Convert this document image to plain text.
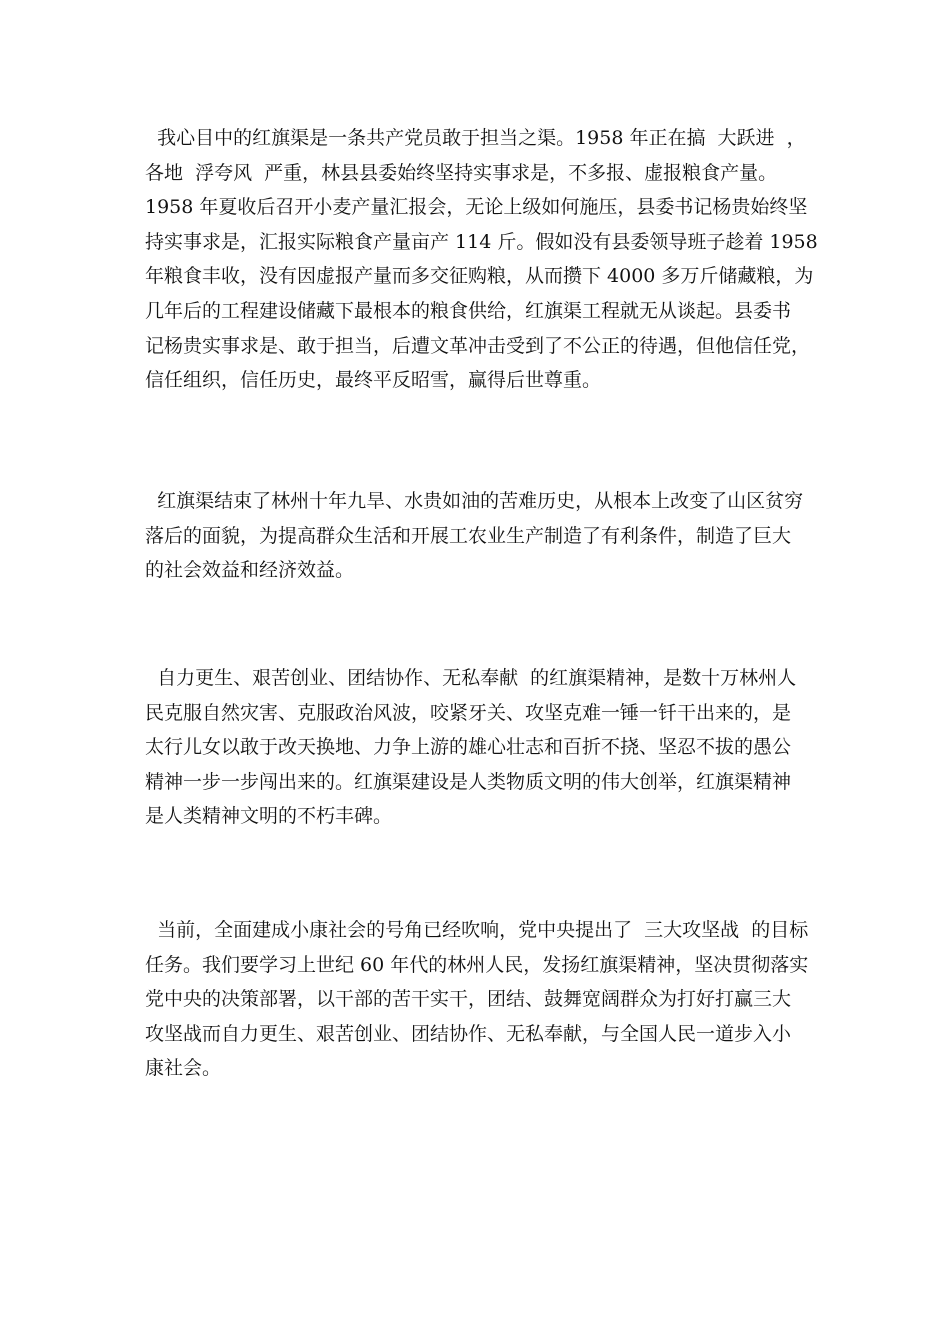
我心目中的红旗渠是一条共产党员敢于担当之渠。1958 年正在搞  大跃进  ，
各地  浮夸风  严重，林县县委始终坚持实事求是，不多报、虚报粮食产量。
1958 年夏收后召开小麦产量汇报会，无论上级如何施压，县委书记杨贵始终坚
持实事求是，汇报实际粮食产量亩产 114 斤。假如没有县委领导班子趁着 1958
年粮食丰收，没有因虚报产量而多交征购粮，从而攒下 4000 多万斤储藏粮，为
几年后的工程建设储藏下最根本的粮食供给，红旗渠工程就无从谈起。县委书
记杨贵实事求是、敢于担当，后遭文革冲击受到了不公正的待遇，但他信任党，
信任组织，信任历史，最终平反昭雪，赢得后世尊重。
红旗渠结束了林州十年九旱、水贵如油的苦难历史，从根本上改变了山区贫穷
落后的面貌，为提高群众生活和开展工农业生产制造了有利条件，制造了巨大
的社会效益和经济效益。
自力更生、艰苦创业、团结协作、无私奉献  的红旗渠精神，是数十万林州人
民克服自然灾害、克服政治风波，咬紧牙关、攻坚克难一锤一钎干出来的，是
太行儿女以敢于改天换地、力争上游的雄心壮志和百折不挠、坚忍不拔的愚公
精神一步一步闯出来的。红旗渠建设是人类物质文明的伟大创举，红旗渠精神
是人类精神文明的不朽丰碑。
当前，全面建成小康社会的号角已经吹响，党中央提出了  三大攻坚战  的目标
任务。我们要学习上世纪 60 年代的林州人民，发扬红旗渠精神，坚决贯彻落实
党中央的决策部署，以干部的苦干实干，团结、鼓舞宽阔群众为打好打赢三大
攻坚战而自力更生、艰苦创业、团结协作、无私奉献，与全国人民一道步入小
康社会。
